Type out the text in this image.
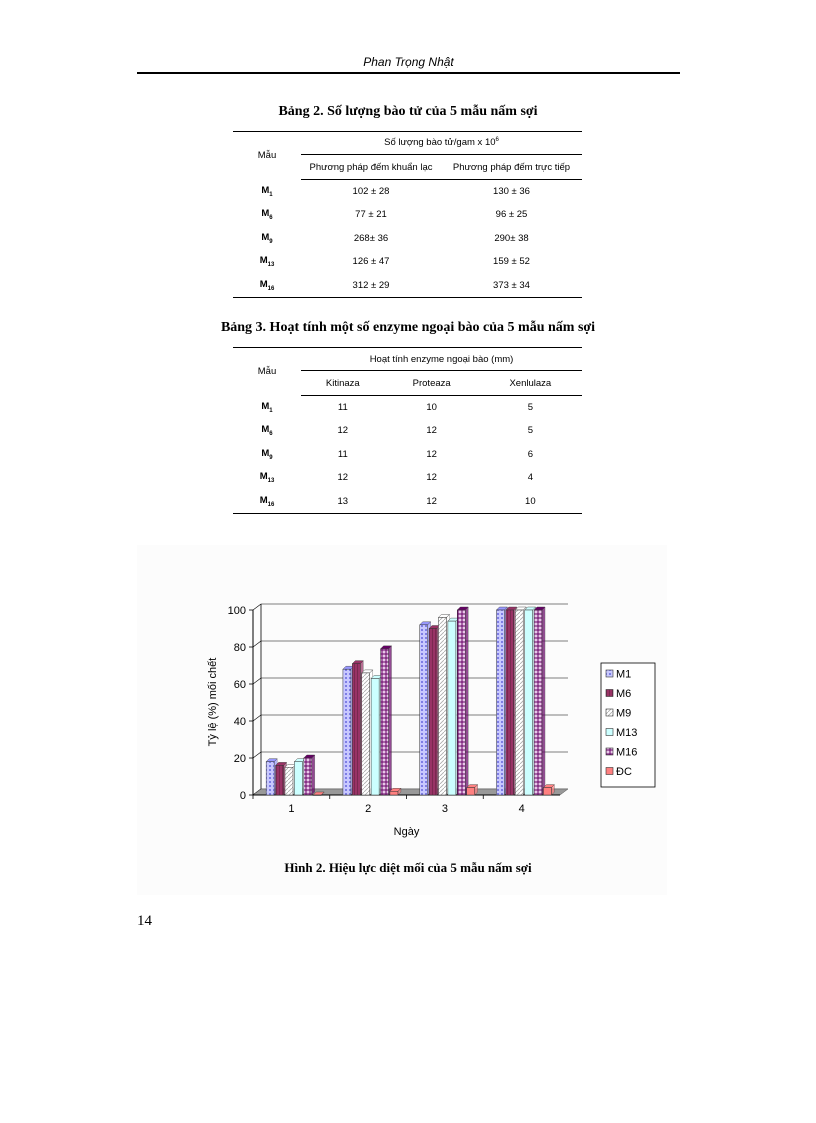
Phan Trọng Nhật
Bảng 2. Số lượng bào tử của 5 mẫu nấm sợi
Mẫu	Số lượng bào tử/gam x $10^6$
	Phương pháp đếm khuẩn lạc	Phương pháp đếm trực tiếp
$M_1$	102 ± 28	130 ± 36
$M_6$	77 ± 21	96 ± 25
$M_9$	268± 36	290± 38
$M_{13}$	126 ± 47	159 ± 52
$M_{16}$	312 ± 29	373 ± 34
Bảng 3. Hoạt tính một số enzyme ngoại bào của 5 mẫu nấm sợi
Mẫu	Hoạt tính enzyme ngoại bào (mm)		
	Kitinaza	Proteaza	Xenlulaza
$M_1$	11	10	5
$M_6$	12	12	5
$M_9$	11	12	6
$M_{13}$	12	12	4
$M_{16}$	13	12	10
0
20
40
60
80
100
1	2	3	4
Ngày
Tỷ lệ (%) mối chết	M1
M6
M9
M13
M16
ĐC
Hình 2. Hiệu lực diệt mối của 5 mẫu nấm sợi
14
